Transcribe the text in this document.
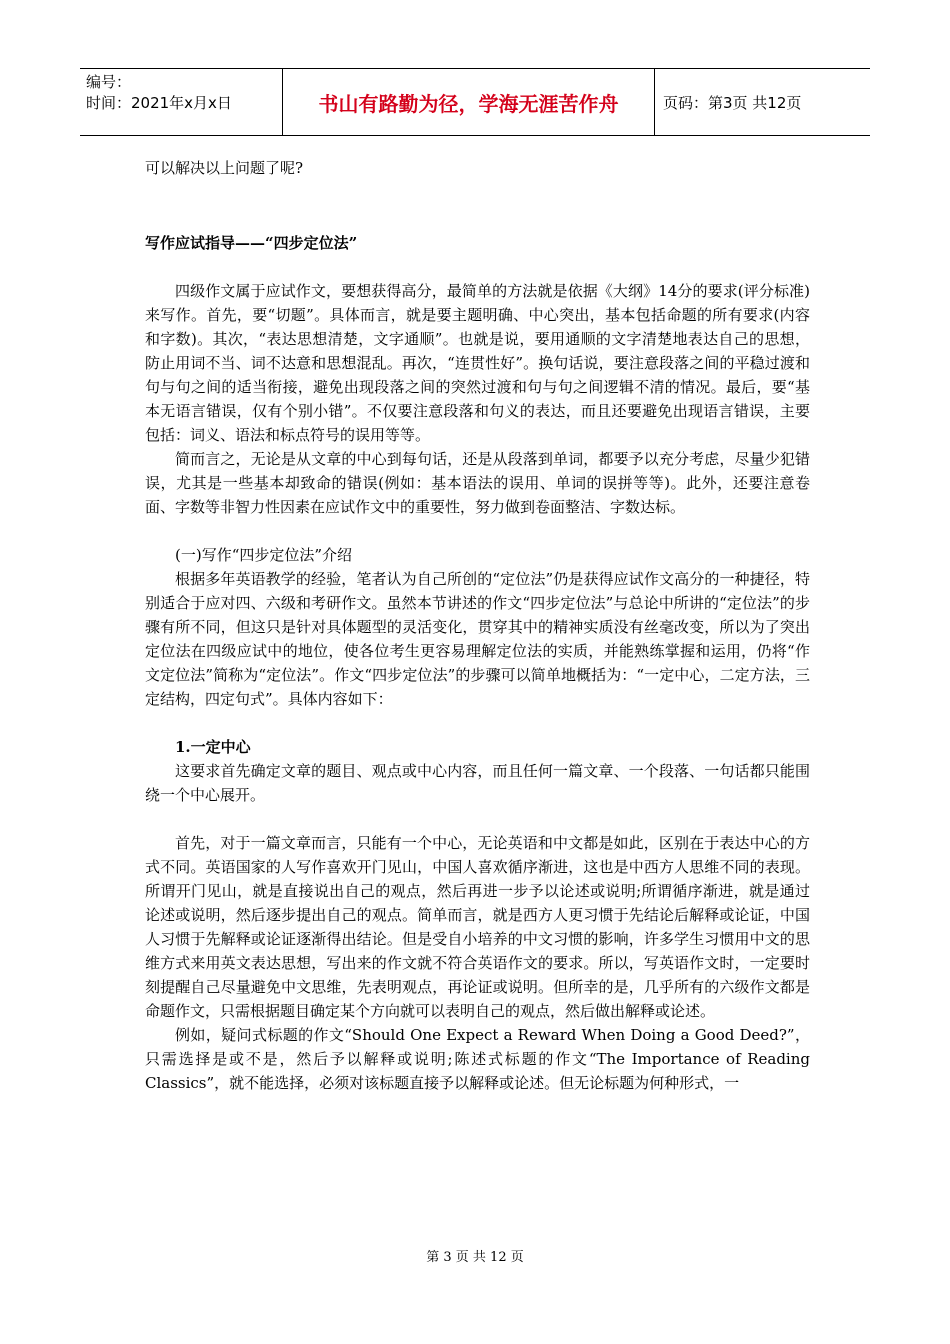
编号：
时间：2021年x月x日	书山有路勤为径，学海无涯苦作舟	页码：第3页 共12页

可以解决以上问题了呢?

写作应试指导——“四步定位法”

四级作文属于应试作文，要想获得高分，最简单的方法就是依据《大纲》14分的要求(评分标准)来写作。首先，要“切题”。具体而言，就是要主题明确、中心突出，基本包括命题的所有要求(内容和字数)。其次，“表达思想清楚，文字通顺”。也就是说，要用通顺的文字清楚地表达自己的思想，防止用词不当、词不达意和思想混乱。再次，“连贯性好”。换句话说，要注意段落之间的平稳过渡和句与句之间的适当衔接，避免出现段落之间的突然过渡和句与句之间逻辑不清的情况。最后，要“基本无语言错误，仅有个别小错”。不仅要注意段落和句义的表达，而且还要避免出现语言错误，主要包括：词义、语法和标点符号的误用等等。

简而言之，无论是从文章的中心到每句话，还是从段落到单词，都要予以充分考虑，尽量少犯错误，尤其是一些基本却致命的错误(例如：基本语法的误用、单词的误拼等等)。此外，还要注意卷面、字数等非智力性因素在应试作文中的重要性，努力做到卷面整洁、字数达标。

(一)写作“四步定位法”介绍

根据多年英语教学的经验，笔者认为自己所创的“定位法”仍是获得应试作文高分的一种捷径，特别适合于应对四、六级和考研作文。虽然本节讲述的作文“四步定位法”与总论中所讲的“定位法”的步骤有所不同，但这只是针对具体题型的灵活变化，贯穿其中的精神实质没有丝毫改变，所以为了突出定位法在四级应试中的地位，使各位考生更容易理解定位法的实质，并能熟练掌握和运用，仍将“作文定位法”简称为“定位法”。作文“四步定位法”的步骤可以简单地概括为：“一定中心，二定方法，三定结构，四定句式”。具体内容如下：

1.一定中心

这要求首先确定文章的题目、观点或中心内容，而且任何一篇文章、一个段落、一句话都只能围绕一个中心展开。

首先，对于一篇文章而言，只能有一个中心，无论英语和中文都是如此，区别在于表达中心的方式不同。英语国家的人写作喜欢开门见山，中国人喜欢循序渐进，这也是中西方人思维不同的表现。所谓开门见山，就是直接说出自己的观点，然后再进一步予以论述或说明;所谓循序渐进，就是通过论述或说明，然后逐步提出自己的观点。简单而言，就是西方人更习惯于先结论后解释或论证，中国人习惯于先解释或论证逐渐得出结论。但是受自小培养的中文习惯的影响，许多学生习惯用中文的思维方式来用英文表达思想，写出来的作文就不符合英语作文的要求。所以，写英语作文时，一定要时刻提醒自己尽量避免中文思维，先表明观点，再论证或说明。但所幸的是，几乎所有的六级作文都是命题作文，只需根据题目确定某个方向就可以表明自己的观点，然后做出解释或论述。

例如，疑问式标题的作文“Should One Expect a Reward When Doing a Good Deed?”，只需选择是或不是，然后予以解释或说明;陈述式标题的作文“The Importance of Reading Classics”，就不能选择，必须对该标题直接予以解释或论述。但无论标题为何种形式，一

第 3 页 共 12 页
